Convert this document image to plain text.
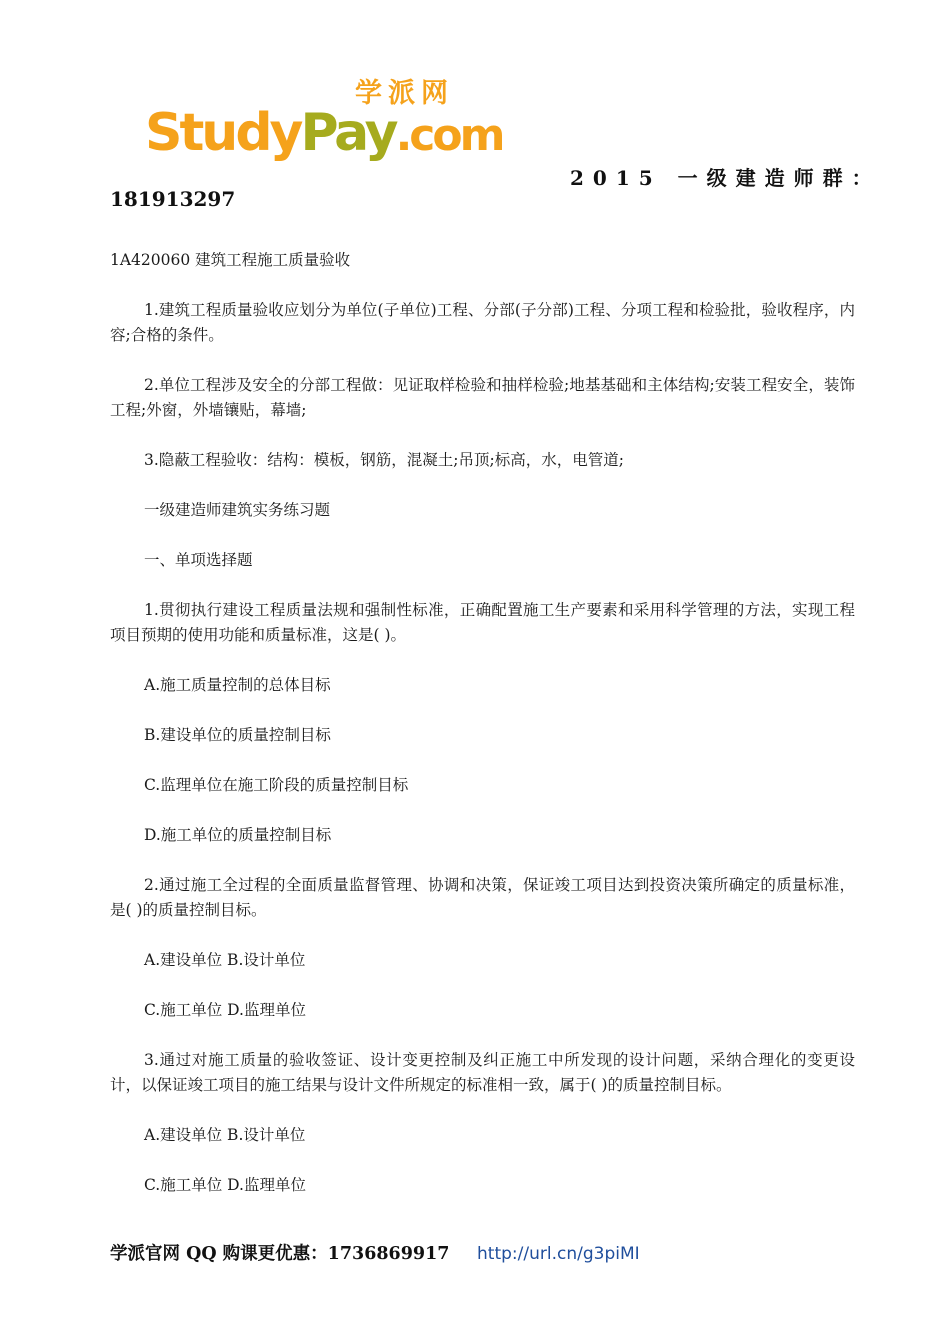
学派网
StudyPay.com
2015 一级建造师群：
181913297

1A420060 建筑工程施工质量验收

1.建筑工程质量验收应划分为单位(子单位)工程、分部(子分部)工程、分项工程和检验批，验收程序，内容;合格的条件。

2.单位工程涉及安全的分部工程做：见证取样检验和抽样检验;地基基础和主体结构;安装工程安全，装饰工程;外窗，外墙镶贴，幕墙;

3.隐蔽工程验收：结构：模板，钢筋，混凝土;吊顶;标高，水，电管道;

一级建造师建筑实务练习题

一、单项选择题

1.贯彻执行建设工程质量法规和强制性标准，正确配置施工生产要素和采用科学管理的方法，实现工程项目预期的使用功能和质量标准，这是( )。

A.施工质量控制的总体目标

B.建设单位的质量控制目标

C.监理单位在施工阶段的质量控制目标

D.施工单位的质量控制目标

2.通过施工全过程的全面质量监督管理、协调和决策，保证竣工项目达到投资决策所确定的质量标准，是( )的质量控制目标。

A.建设单位 B.设计单位

C.施工单位 D.监理单位

3.通过对施工质量的验收签证、设计变更控制及纠正施工中所发现的设计问题，采纳合理化的变更设计，以保证竣工项目的施工结果与设计文件所规定的标准相一致，属于( )的质量控制目标。

A.建设单位 B.设计单位

C.施工单位 D.监理单位

学派官网 QQ 购课更优惠：1736869917 http://url.cn/g3piMI
